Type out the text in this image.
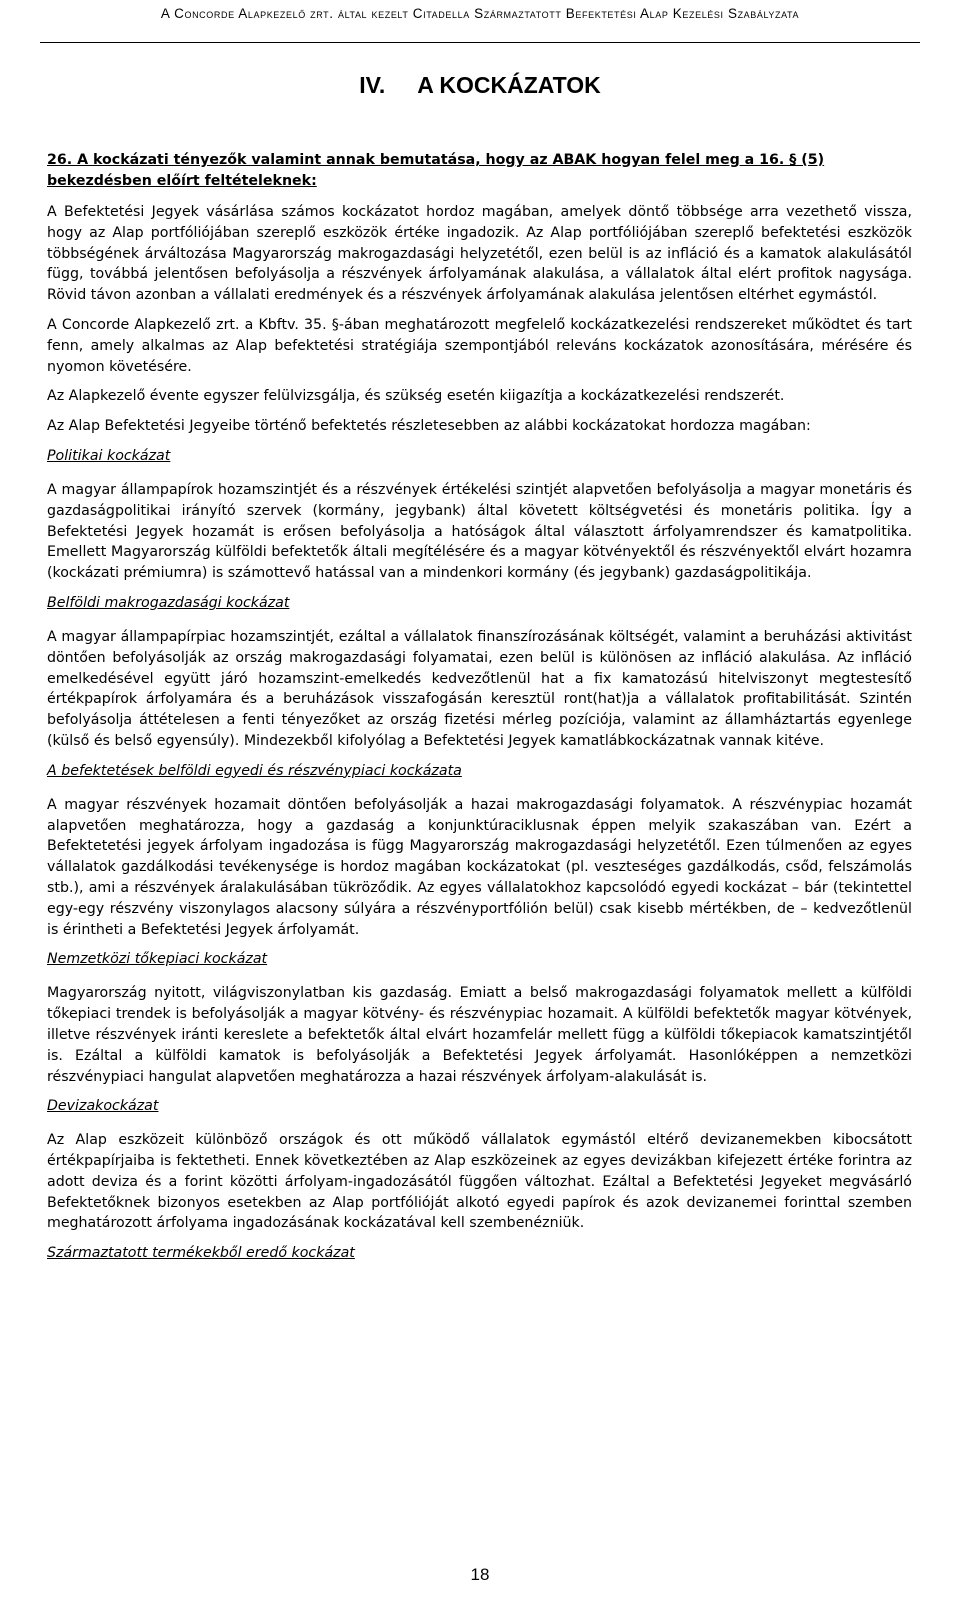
A Concorde Alapkezelő zrt. által kezelt Citadella Származtatott Befektetési Alap Kezelési Szabályzata
IV. A KOCKÁZATOK
26. A kockázati tényezők valamint annak bemutatása, hogy az ABAK hogyan felel meg a 16. § (5) bekezdésben előírt feltételeknek:

A Befektetési Jegyek vásárlása számos kockázatot hordoz magában, amelyek döntő többsége arra vezethető vissza, hogy az Alap portfóliójában szereplő eszközök értéke ingadozik. Az Alap portfóliójában szereplő befektetési eszközök többségének árváltozása Magyarország makrogazdasági helyzetétől, ezen belül is az infláció és a kamatok alakulásától függ, továbbá jelentősen befolyásolja a részvények árfolyamának alakulása, a vállalatok által elért profitok nagysága. Rövid távon azonban a vállalati eredmények és a részvények árfolyamának alakulása jelentősen eltérhet egymástól.

A Concorde Alapkezelő zrt. a Kbftv. 35. §-ában meghatározott megfelelő kockázatkezelési rendszereket működtet és tart fenn, amely alkalmas az Alap befektetési stratégiája szempontjából releváns kockázatok azonosítására, mérésére és nyomon követésére.

Az Alapkezelő évente egyszer felülvizsgálja, és szükség esetén kiigazítja a kockázatkezelési rendszerét.

Az Alap Befektetési Jegyeibe történő befektetés részletesebben az alábbi kockázatokat hordozza magában:

Politikai kockázat

A magyar állampapírok hozamszintjét és a részvények értékelési szintjét alapvetően befolyásolja a magyar monetáris és gazdaságpolitikai irányító szervek (kormány, jegybank) által követett költségvetési és monetáris politika. Így a Befektetési Jegyek hozamát is erősen befolyásolja a hatóságok által választott árfolyamrendszer és kamatpolitika. Emellett Magyarország külföldi befektetők általi megítélésére és a magyar kötvényektől és részvényektől elvárt hozamra (kockázati prémiumra) is számottevő hatással van a mindenkori kormány (és jegybank) gazdaságpolitikája.

Belföldi makrogazdasági kockázat

A magyar állampapírpiac hozamszintjét, ezáltal a vállalatok finanszírozásának költségét, valamint a beruházási aktivitást döntően befolyásolják az ország makrogazdasági folyamatai, ezen belül is különösen az infláció alakulása. Az infláció emelkedésével együtt járó hozamszint-emelkedés kedvezőtlenül hat a fix kamatozású hitelviszonyt megtestesítő értékpapírok árfolyamára és a beruházások visszafogásán keresztül ront(hat)ja a vállalatok profitabilitását. Szintén befolyásolja áttételesen a fenti tényezőket az ország fizetési mérleg pozíciója, valamint az államháztartás egyenlege (külső és belső egyensúly). Mindezekből kifolyólag a Befektetési Jegyek kamatlábkockázatnak vannak kitéve.

A befektetések belföldi egyedi és részvénypiaci kockázata

A magyar részvények hozamait döntően befolyásolják a hazai makrogazdasági folyamatok. A részvénypiac hozamát alapvetően meghatározza, hogy a gazdaság a konjunktúraciklusnak éppen melyik szakaszában van. Ezért a Befektetetési jegyek árfolyam ingadozása is függ Magyarország makrogazdasági helyzetétől. Ezen túlmenően az egyes vállalatok gazdálkodási tevékenysége is hordoz magában kockázatokat (pl. veszteséges gazdálkodás, csőd, felszámolás stb.), ami a részvények áralakulásában tükröződik. Az egyes vállalatokhoz kapcsolódó egyedi kockázat – bár (tekintettel egy-egy részvény viszonylagos alacsony súlyára a részvényportfólión belül) csak kisebb mértékben, de – kedvezőtlenül is érintheti a Befektetési Jegyek árfolyamát.

Nemzetközi tőkepiaci kockázat

Magyarország nyitott, világviszonylatban kis gazdaság. Emiatt a belső makrogazdasági folyamatok mellett a külföldi tőkepiaci trendek is befolyásolják a magyar kötvény- és részvénypiac hozamait. A külföldi befektetők magyar kötvények, illetve részvények iránti kereslete a befektetők által elvárt hozamfelár mellett függ a külföldi tőkepiacok kamatszintjétől is. Ezáltal a külföldi kamatok is befolyásolják a Befektetési Jegyek árfolyamát. Hasonlóképpen a nemzetközi részvénypiaci hangulat alapvetően meghatározza a hazai részvények árfolyam-alakulását is.

Devizakockázat

Az Alap eszközeit különböző országok és ott működő vállalatok egymástól eltérő devizanemekben kibocsátott értékpapírjaiba is fektetheti. Ennek következtében az Alap eszközeinek az egyes devizákban kifejezett értéke forintra az adott deviza és a forint közötti árfolyam-ingadozásától függően változhat. Ezáltal a Befektetési Jegyeket megvásárló Befektetőknek bizonyos esetekben az Alap portfólióját alkotó egyedi papírok és azok devizanemei forinttal szemben meghatározott árfolyama ingadozásának kockázatával kell szembenézniük.

Származtatott termékekből eredő kockázat
18
